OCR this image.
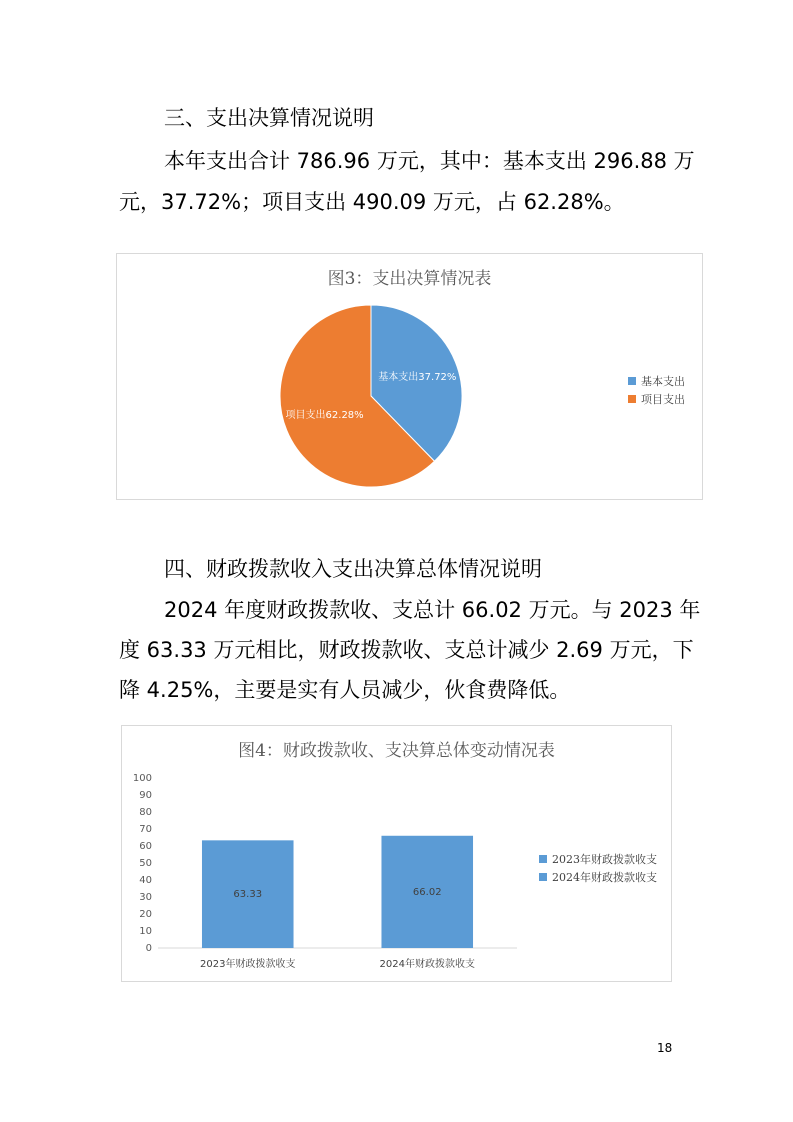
三、支出决算情况说明
本年支出合计 786.96 万元，其中：基本支出 296.88 万
元，37.72%；项目支出 490.09 万元，占 62.28%。
图3：支出决算情况表
基本支出37.72%
项目支出62.28%
基本支出
项目支出
四、财政拨款收入支出决算总体情况说明
2024 年度财政拨款收、支总计 66.02 万元。与 2023 年
度 63.33 万元相比，财政拨款收、支总计减少 2.69 万元，下
降 4.25%，主要是实有人员减少，伙食费降低。
图4：财政拨款收、支决算总体变动情况表
0
10
20
30
40
50
60
70
80
90
100
63.33
2023年财政拨款收支
66.02
2024年财政拨款收支
2023年财政拨款收支
2024年财政拨款收支
18
